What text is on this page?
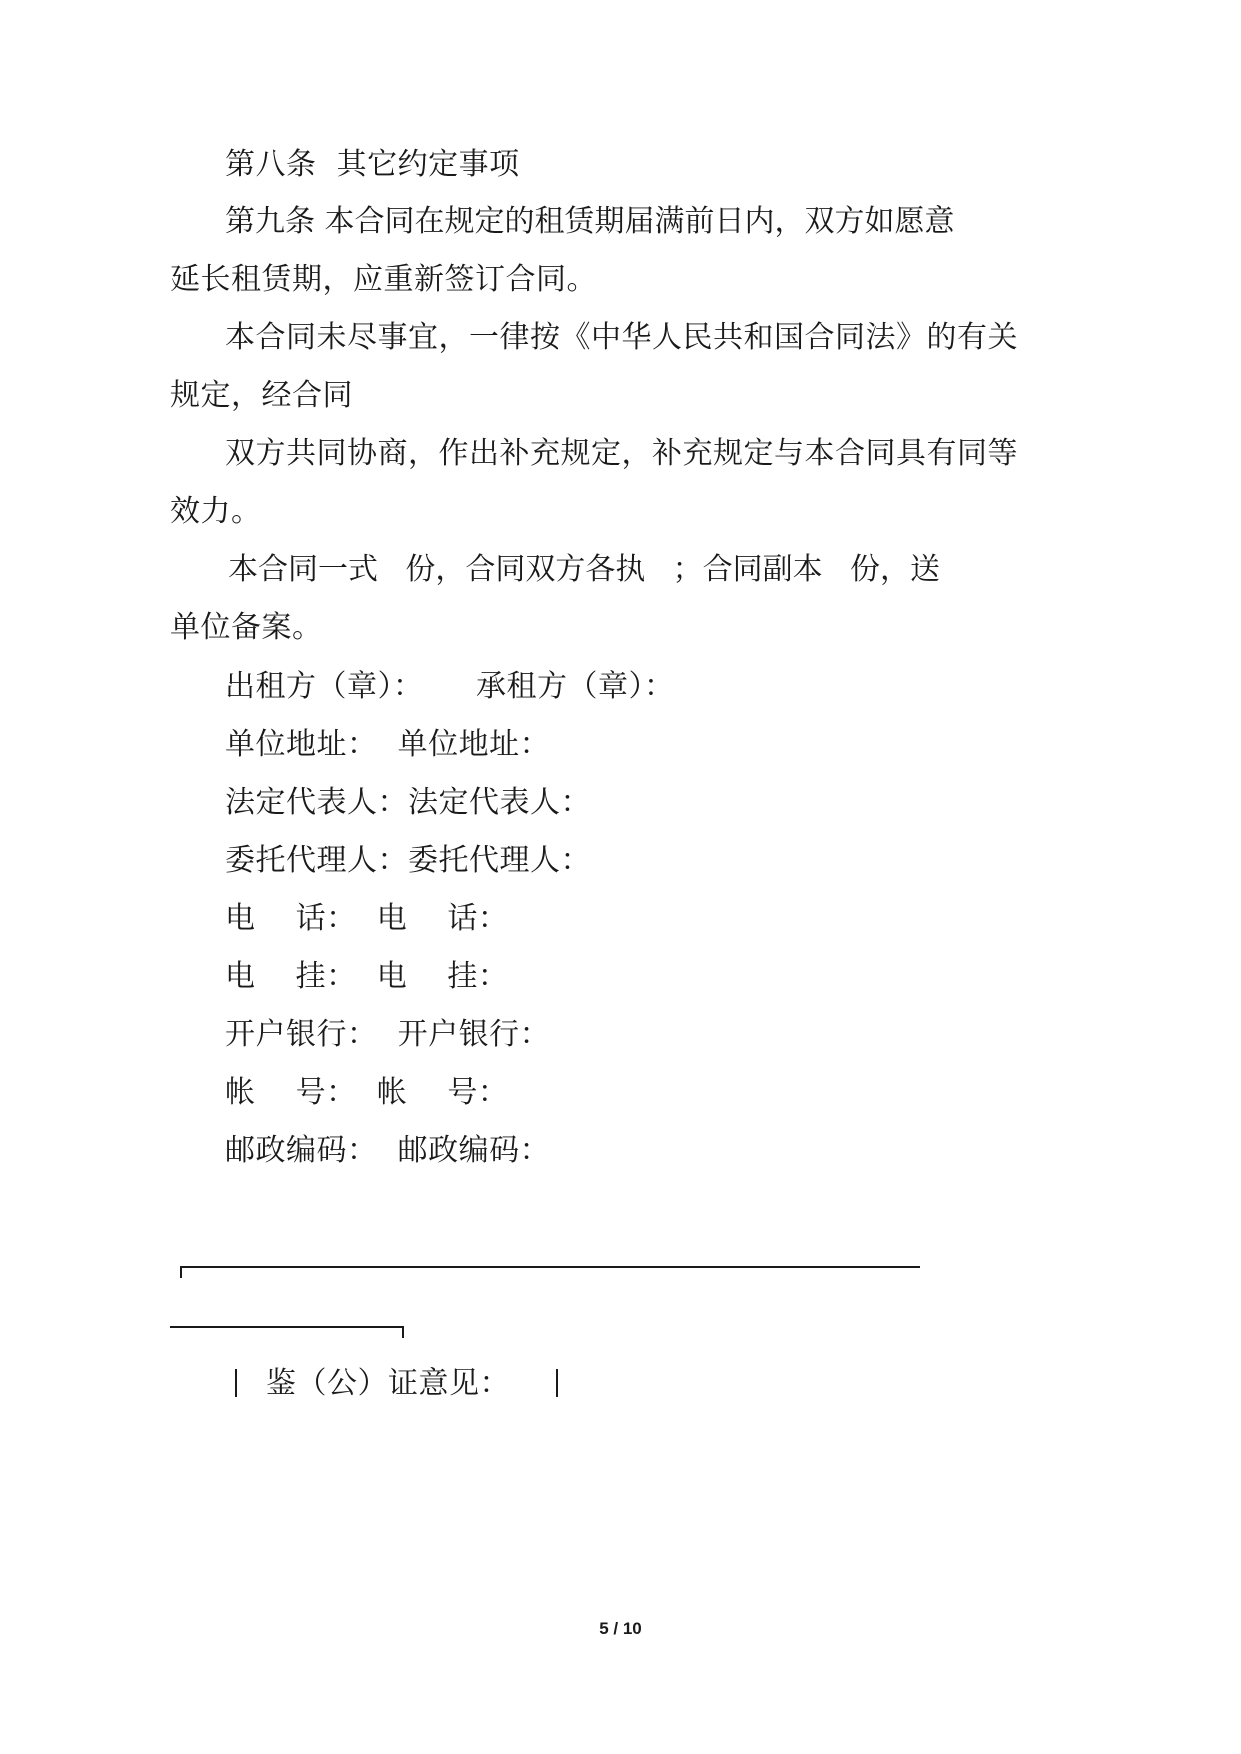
第八条  其它约定事项
第九条 本合同在规定的租赁期届满前 日内，双方如愿意
延长租赁期，应重新签订合同。
本合同未尽事宜，一律按《中华人民共和国合同法》的有关
规定，经合同
双方共同协商，作出补充规定，补充规定与本合同具有同等
效力。
本合同一式 份，合同双方各执 ；合同副本 份，送
单位备案。
出租方（章）： 承租方（章）：
单位地址：  单位地址：
法定代表人：法定代表人：
委托代理人：委托代理人：
电    话：  电    话：
电    挂：  电    挂：
开户银行：  开户银行：
帐    号：  帐    号：
邮政编码：  邮政编码：
鉴（公）证意见：
5 / 10
